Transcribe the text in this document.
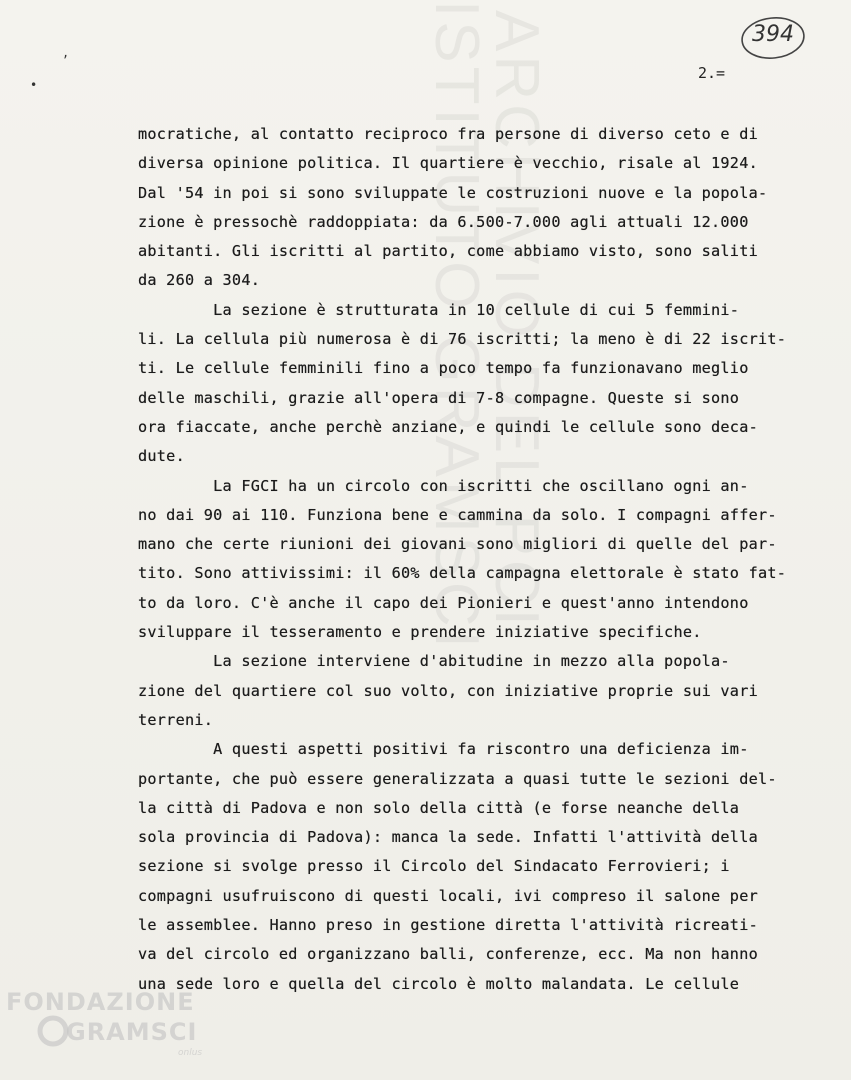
ISTITUTO GRAMSCI
ARCHIVIO DEL PCI
,
•
394
2.=
mocratiche, al contatto reciproco fra persone di diverso ceto e di
diversa opinione politica. Il quartiere è vecchio, risale al 1924.
Dal '54 in poi si sono sviluppate le costruzioni nuove e la popola-
zione è pressochè raddoppiata: da 6.500-7.000 agli attuali 12.000
abitanti. Gli iscritti al partito, come abbiamo visto, sono saliti
da 260 a 304.
La sezione è strutturata in 10 cellule di cui 5 femmini-
li. La cellula più numerosa è di 76 iscritti; la meno è di 22 iscrit-
ti. Le cellule femminili fino a poco tempo fa funzionavano meglio
delle maschili, grazie all'opera di 7-8 compagne. Queste si sono
ora fiaccate, anche perchè anziane, e quindi le cellule sono deca-
dute.
La FGCI ha un circolo con iscritti che oscillano ogni an-
no dai 90 ai 110. Funziona bene e cammina da solo. I compagni affer-
mano che certe riunioni dei giovani sono migliori di quelle del par-
tito. Sono attivissimi: il 60% della campagna elettorale è stato fat-
to da loro. C'è anche il capo dei Pionieri e quest'anno intendono
sviluppare il tesseramento e prendere iniziative specifiche.
La sezione interviene d'abitudine in mezzo alla popola-
zione del quartiere col suo volto, con iniziative proprie sui vari
terreni.
A questi aspetti positivi fa riscontro una deficienza im-
portante, che può essere generalizzata a quasi tutte le sezioni del-
la città di Padova e non solo della città (e forse neanche della
sola provincia di Padova): manca la sede. Infatti l'attività della
sezione si svolge presso il Circolo del Sindacato Ferrovieri; i
compagni usufruiscono di questi locali, ivi compreso il salone per
le assemblee. Hanno preso in gestione diretta l'attività ricreati-
va del circolo ed organizzano balli, conferenze, ecc. Ma non hanno
una sede loro e quella del circolo è molto malandata. Le cellule
FONDAZIONE
GRAMSCI
onlus
